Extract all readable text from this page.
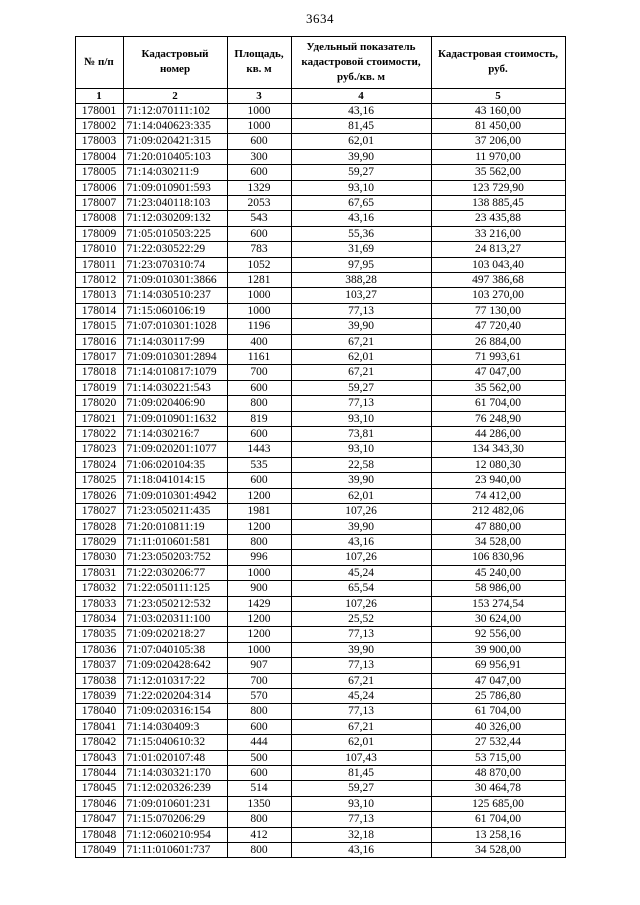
3634
№ п/п	Кадастровый номер	Площадь, кв. м	Удельный показатель кадастровой стоимости, руб./кв. м	Кадастровая стоимость, руб.
1	2	3	4	5
178001	71:12:070111:102	1000	43,16	43 160,00
178002	71:14:040623:335	1000	81,45	81 450,00
178003	71:09:020421:315	600	62,01	37 206,00
178004	71:20:010405:103	300	39,90	11 970,00
178005	71:14:030211:9	600	59,27	35 562,00
178006	71:09:010901:593	1329	93,10	123 729,90
178007	71:23:040118:103	2053	67,65	138 885,45
178008	71:12:030209:132	543	43,16	23 435,88
178009	71:05:010503:225	600	55,36	33 216,00
178010	71:22:030522:29	783	31,69	24 813,27
178011	71:23:070310:74	1052	97,95	103 043,40
178012	71:09:010301:3866	1281	388,28	497 386,68
178013	71:14:030510:237	1000	103,27	103 270,00
178014	71:15:060106:19	1000	77,13	77 130,00
178015	71:07:010301:1028	1196	39,90	47 720,40
178016	71:14:030117:99	400	67,21	26 884,00
178017	71:09:010301:2894	1161	62,01	71 993,61
178018	71:14:010817:1079	700	67,21	47 047,00
178019	71:14:030221:543	600	59,27	35 562,00
178020	71:09:020406:90	800	77,13	61 704,00
178021	71:09:010901:1632	819	93,10	76 248,90
178022	71:14:030216:7	600	73,81	44 286,00
178023	71:09:020201:1077	1443	93,10	134 343,30
178024	71:06:020104:35	535	22,58	12 080,30
178025	71:18:041014:15	600	39,90	23 940,00
178026	71:09:010301:4942	1200	62,01	74 412,00
178027	71:23:050211:435	1981	107,26	212 482,06
178028	71:20:010811:19	1200	39,90	47 880,00
178029	71:11:010601:581	800	43,16	34 528,00
178030	71:23:050203:752	996	107,26	106 830,96
178031	71:22:030206:77	1000	45,24	45 240,00
178032	71:22:050111:125	900	65,54	58 986,00
178033	71:23:050212:532	1429	107,26	153 274,54
178034	71:03:020311:100	1200	25,52	30 624,00
178035	71:09:020218:27	1200	77,13	92 556,00
178036	71:07:040105:38	1000	39,90	39 900,00
178037	71:09:020428:642	907	77,13	69 956,91
178038	71:12:010317:22	700	67,21	47 047,00
178039	71:22:020204:314	570	45,24	25 786,80
178040	71:09:020316:154	800	77,13	61 704,00
178041	71:14:030409:3	600	67,21	40 326,00
178042	71:15:040610:32	444	62,01	27 532,44
178043	71:01:020107:48	500	107,43	53 715,00
178044	71:14:030321:170	600	81,45	48 870,00
178045	71:12:020326:239	514	59,27	30 464,78
178046	71:09:010601:231	1350	93,10	125 685,00
178047	71:15:070206:29	800	77,13	61 704,00
178048	71:12:060210:954	412	32,18	13 258,16
178049	71:11:010601:737	800	43,16	34 528,00
